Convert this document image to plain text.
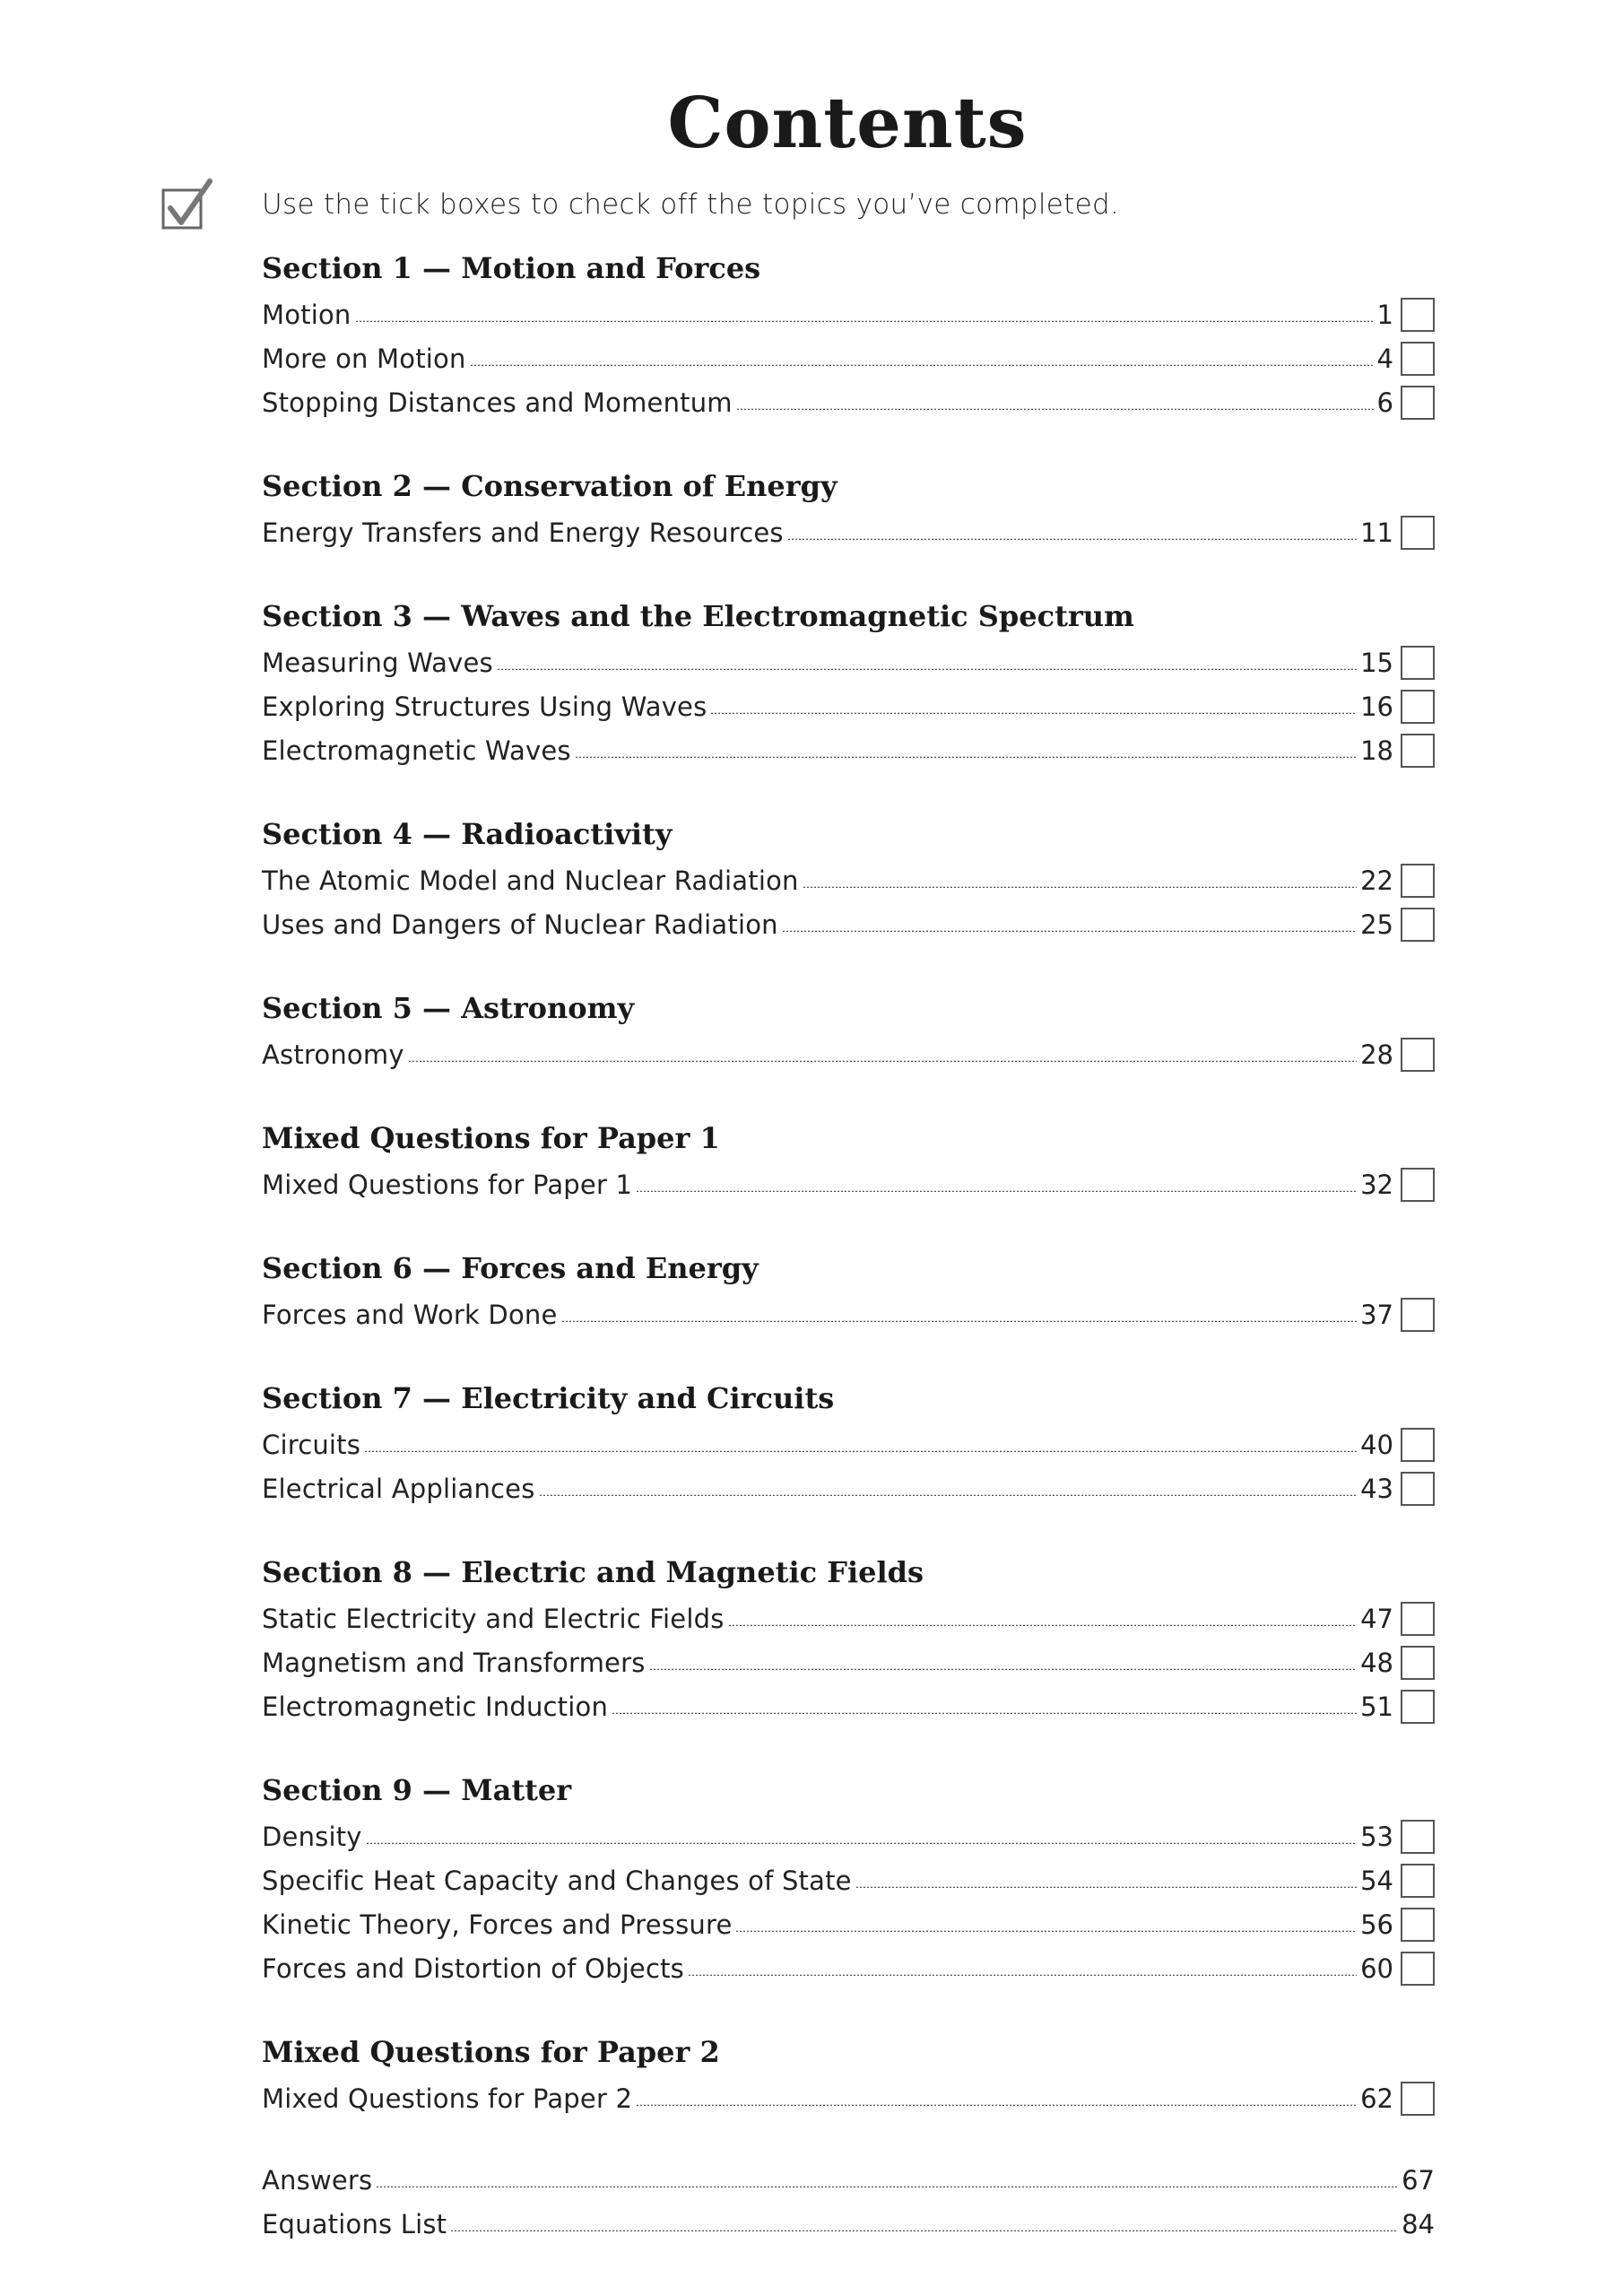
Contents
Use the tick boxes to check off the topics you’ve completed.
Section 1 — Motion and Forces
Motion	1
More on Motion	4
Stopping Distances and Momentum	6
Section 2 — Conservation of Energy
Energy Transfers and Energy Resources	11
Section 3 — Waves and the Electromagnetic Spectrum
Measuring Waves	15
Exploring Structures Using Waves	16
Electromagnetic Waves	18
Section 4 — Radioactivity
The Atomic Model and Nuclear Radiation	22
Uses and Dangers of Nuclear Radiation	25
Section 5 — Astronomy
Astronomy	28
Mixed Questions for Paper 1
Mixed Questions for Paper 1	32
Section 6 — Forces and Energy
Forces and Work Done	37
Section 7 — Electricity and Circuits
Circuits	40
Electrical Appliances	43
Section 8 — Electric and Magnetic Fields
Static Electricity and Electric Fields	47
Magnetism and Transformers	48
Electromagnetic Induction	51
Section 9 — Matter
Density	53
Specific Heat Capacity and Changes of State	54
Kinetic Theory, Forces and Pressure	56
Forces and Distortion of Objects	60
Mixed Questions for Paper 2
Mixed Questions for Paper 2	62
Answers	67
Equations List	84
